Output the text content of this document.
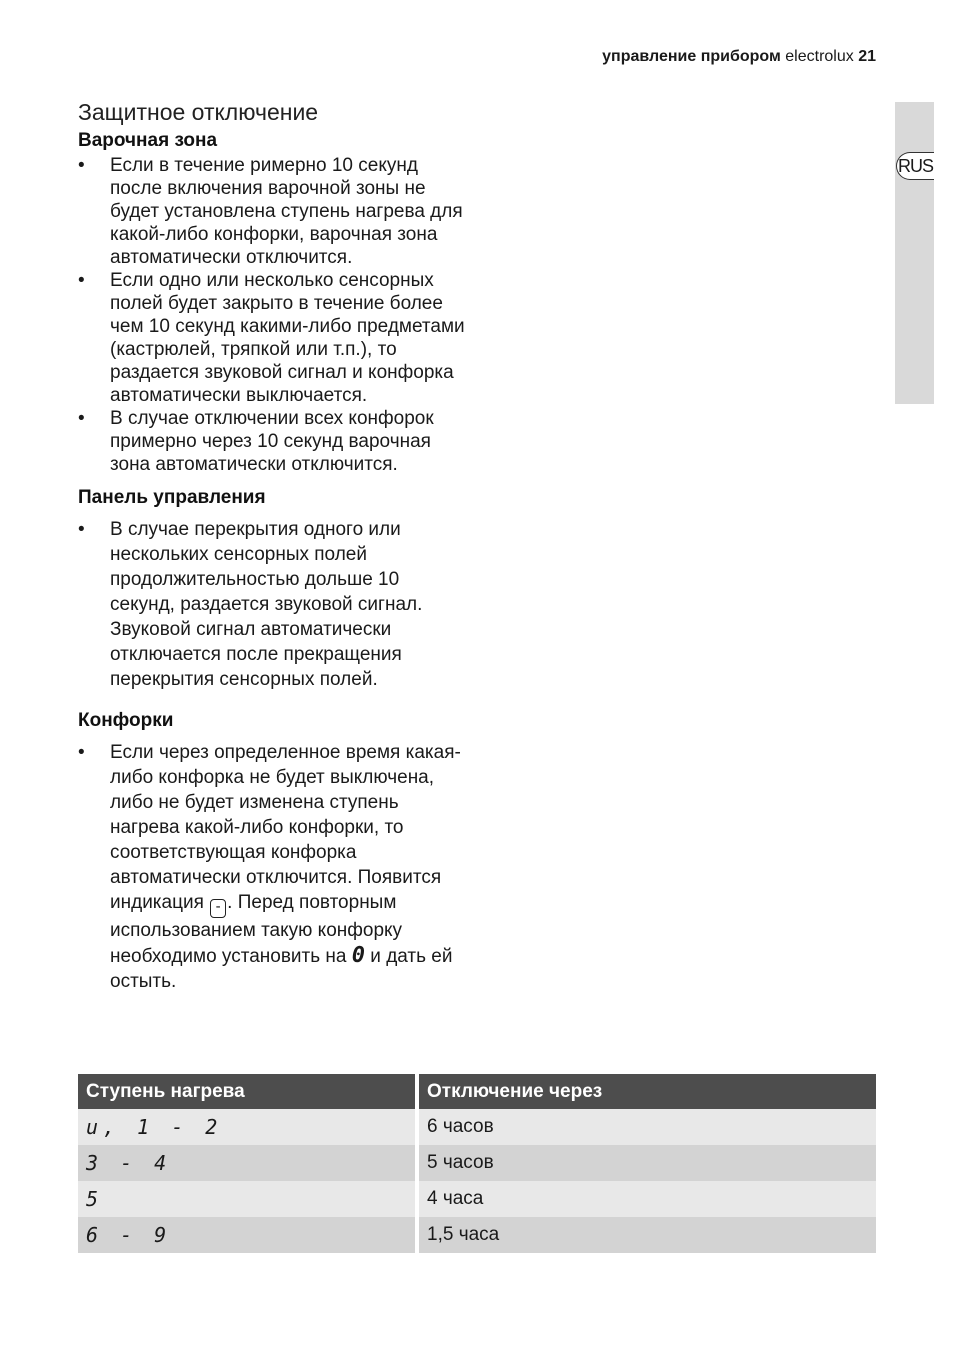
управление прибором electrolux 21
RUS
Защитное отключение
Варочная зона
• Если в течение римерно 10 секунд после включения варочной зоны не будет установлена ступень нагрева для какой-либо конфорки, варочная зона автоматически отключится.
• Если одно или несколько сенсорных полей будет закрыто в течение более чем 10 секунд какими-либо предметами (кастрюлей, тряпкой или т.п.), то раздается звуковой сигнал и конфорка автоматически выключается.
• В случае отключении всех конфорок примерно через 10 секунд варочная зона автоматически отключится.
Панель управления
• В случае перекрытия одного или нескольких сенсорных полей продолжительностью дольше 10 секунд, раздается звуковой сигнал. Звуковой сигнал автоматически отключается после прекращения перекрытия сенсорных полей.
Конфорки
• Если через определенное время какая-либо конфорка не будет выключена, либо не будет изменена ступень нагрева какой-либо конфорки, то соответствующая конфорка автоматически отключится. Появится индикация - . Перед повторным использованием такую конфорку необходимо установить на 0 и дать ей остыть.
Ступень нагрева	Отключение через
u, 1 - 2	6 часов
3 - 4	5 часов
5	4 часа
6 - 9	1,5 часа
